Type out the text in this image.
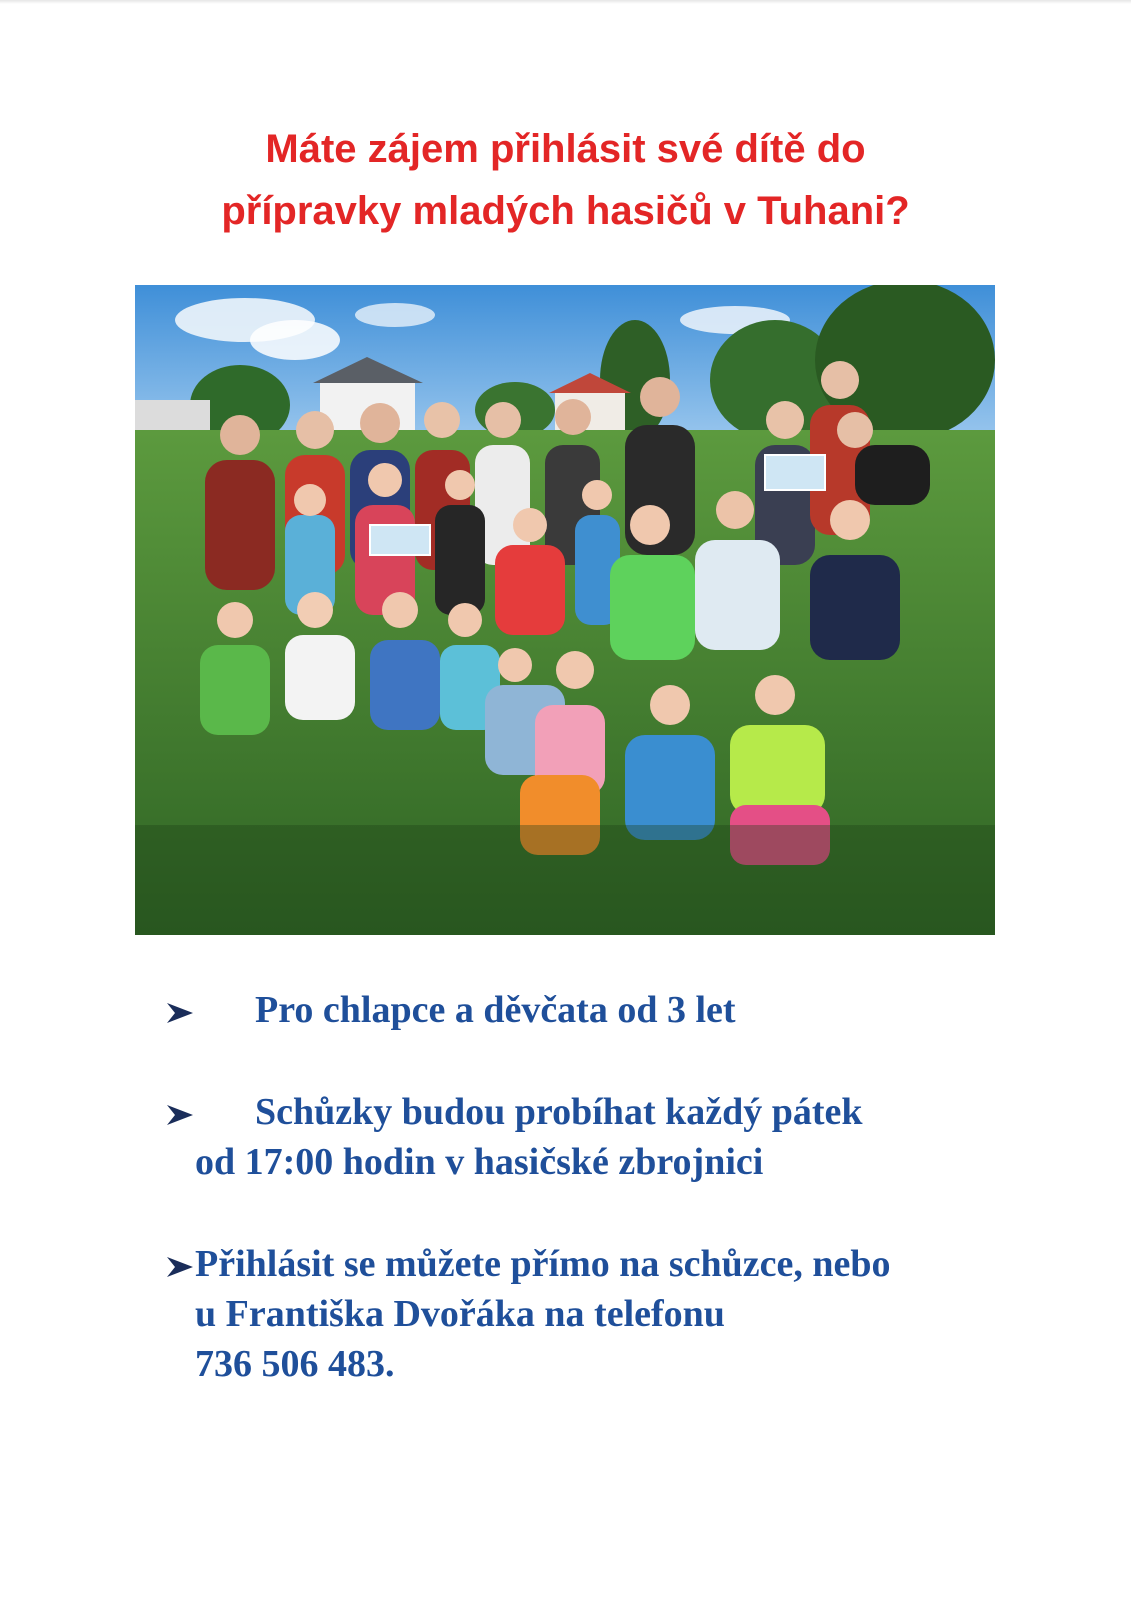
Máte zájem přihlásit své dítě do
přípravky mladých hasičů v Tuhani?
Pro chlapce a děvčata od 3 let
Schůzky budou probíhat každý pátek
od 17:00 hodin v hasičské zbrojnici
Přihlásit se můžete přímo na schůzce, nebo
u Františka Dvořáka na telefonu
736 506 483.
